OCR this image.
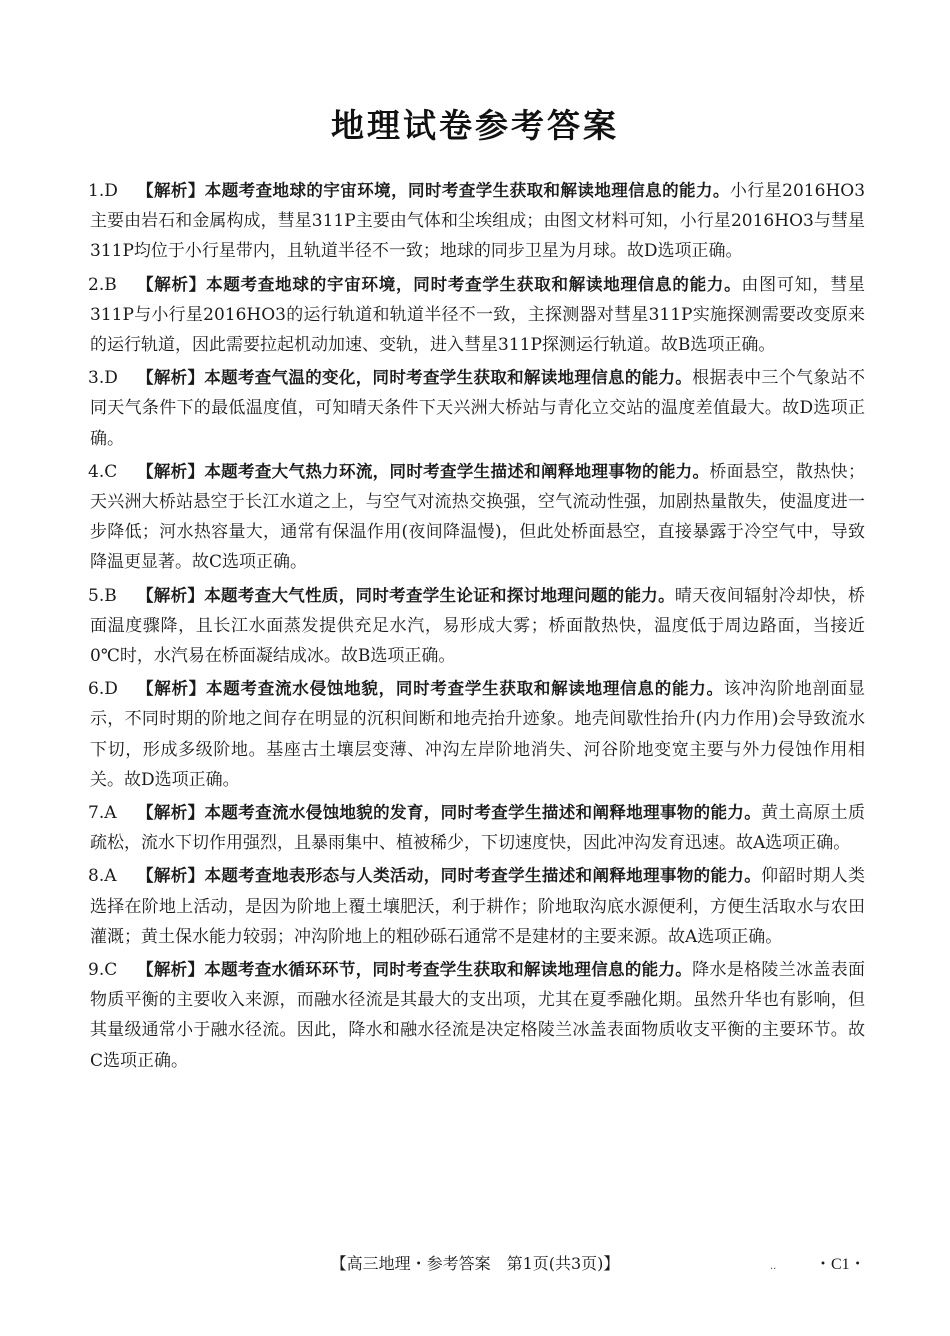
地理试卷参考答案
1.D	【解析】本题考查地球的宇宙环境，同时考查学生获取和解读地理信息的能力。小行星2016HO3主要由岩石和金属构成，彗星311P主要由气体和尘埃组成；由图文材料可知，小行星2016HO3与彗星311P均位于小行星带内，且轨道半径不一致；地球的同步卫星为月球。故D选项正确。
2.B	【解析】本题考查地球的宇宙环境，同时考查学生获取和解读地理信息的能力。由图可知，彗星311P与小行星2016HO3的运行轨道和轨道半径不一致，主探测器对彗星311P实施探测需要改变原来的运行轨道，因此需要拉起机动加速、变轨，进入彗星311P探测运行轨道。故B选项正确。
3.D	【解析】本题考查气温的变化，同时考查学生获取和解读地理信息的能力。根据表中三个气象站不同天气条件下的最低温度值，可知晴天条件下天兴洲大桥站与青化立交站的温度差值最大。故D选项正确。
4.C	【解析】本题考查大气热力环流，同时考查学生描述和阐释地理事物的能力。桥面悬空，散热快；天兴洲大桥站悬空于长江水道之上，与空气对流热交换强，空气流动性强，加剧热量散失，使温度进一步降低；河水热容量大，通常有保温作用(夜间降温慢)，但此处桥面悬空，直接暴露于冷空气中，导致降温更显著。故C选项正确。
5.B	【解析】本题考查大气性质，同时考查学生论证和探讨地理问题的能力。晴天夜间辐射冷却快，桥面温度骤降，且长江水面蒸发提供充足水汽，易形成大雾；桥面散热快，温度低于周边路面，当接近0℃时，水汽易在桥面凝结成冰。故B选项正确。
6.D	【解析】本题考查流水侵蚀地貌，同时考查学生获取和解读地理信息的能力。该冲沟阶地剖面显示，不同时期的阶地之间存在明显的沉积间断和地壳抬升迹象。地壳间歇性抬升(内力作用)会导致流水下切，形成多级阶地。基座古土壤层变薄、冲沟左岸阶地消失、河谷阶地变宽主要与外力侵蚀作用相关。故D选项正确。
7.A	【解析】本题考查流水侵蚀地貌的发育，同时考查学生描述和阐释地理事物的能力。黄土高原土质疏松，流水下切作用强烈，且暴雨集中、植被稀少，下切速度快，因此冲沟发育迅速。故A选项正确。
8.A	【解析】本题考查地表形态与人类活动，同时考查学生描述和阐释地理事物的能力。仰韶时期人类选择在阶地上活动，是因为阶地上覆土壤肥沃，利于耕作；阶地取沟底水源便利，方便生活取水与农田灌溉；黄土保水能力较弱；冲沟阶地上的粗砂砾石通常不是建材的主要来源。故A选项正确。
9.C	【解析】本题考查水循环环节，同时考查学生获取和解读地理信息的能力。降水是格陵兰冰盖表面物质平衡的主要收入来源，而融水径流是其最大的支出项，尤其在夏季融化期。虽然升华也有影响，但其量级通常小于融水径流。因此，降水和融水径流是决定格陵兰冰盖表面物质收支平衡的主要环节。故C选项正确。
【高三地理・参考答案　第1页(共3页)】	.. ・C1・
